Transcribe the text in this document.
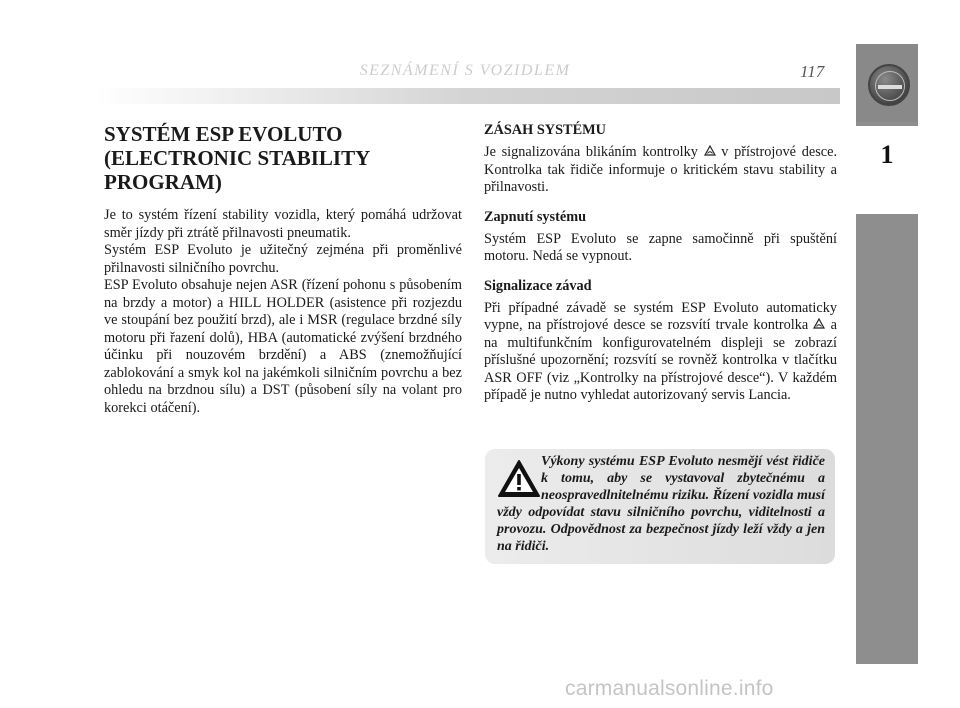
SEZNÁMENÍ S VOZIDLEM	117
1
SYSTÉM ESP EVOLUTO (ELECTRONIC STABILITY PROGRAM)

Je to systém řízení stability vozidla, který pomáhá udržovat směr jízdy při ztrátě přilnavosti pneumatik.

Systém ESP Evoluto je užitečný zejména při proměnlivé přilnavosti silničního povrchu.

ESP Evoluto obsahuje nejen ASR (řízení pohonu s působením na brzdy a motor) a HILL HOLDER (asistence při rozjezdu ve stoupání bez použití brzd), ale i MSR (regulace brzdné síly motoru při řazení dolů), HBA (automatické zvýšení brzdného účinku při nouzovém brzdění) a ABS (znemožňující zablokování a smyk kol na jakémkoli silničním povrchu a bez ohledu na brzdnou sílu) a DST (působení síly na volant pro korekci otáčení).

ZÁSAH SYSTÉMU

Je signalizována blikáním kontrolky v přístrojové desce. Kontrolka tak řidiče informuje o kritickém stavu stability a přilnavosti.

Zapnutí systému

Systém ESP Evoluto se zapne samočinně při spuštění motoru. Nedá se vypnout.

Signalizace závad

Při případné závadě se systém ESP Evoluto automaticky vypne, na přístrojové desce se rozsvítí trvale kontrolka a na multifunkčním konfigurovatelném displeji se zobrazí příslušné upozornění; rozsvítí se rovněž kontrolka v tlačítku ASR OFF (viz „Kontrolky na přístrojové desce“). V každém případě je nutno vyhledat autorizovaný servis Lancia.

Výkony systému ESP Evoluto nesmějí vést řidiče k tomu, aby se vystavoval zbytečnému a neospravedlnitelnému riziku. Řízení vozidla musí vždy odpovídat stavu silničního povrchu, viditelnosti a provozu. Odpovědnost za bezpečnost jízdy leží vždy a jen na řidiči.
carmanualsonline.info
